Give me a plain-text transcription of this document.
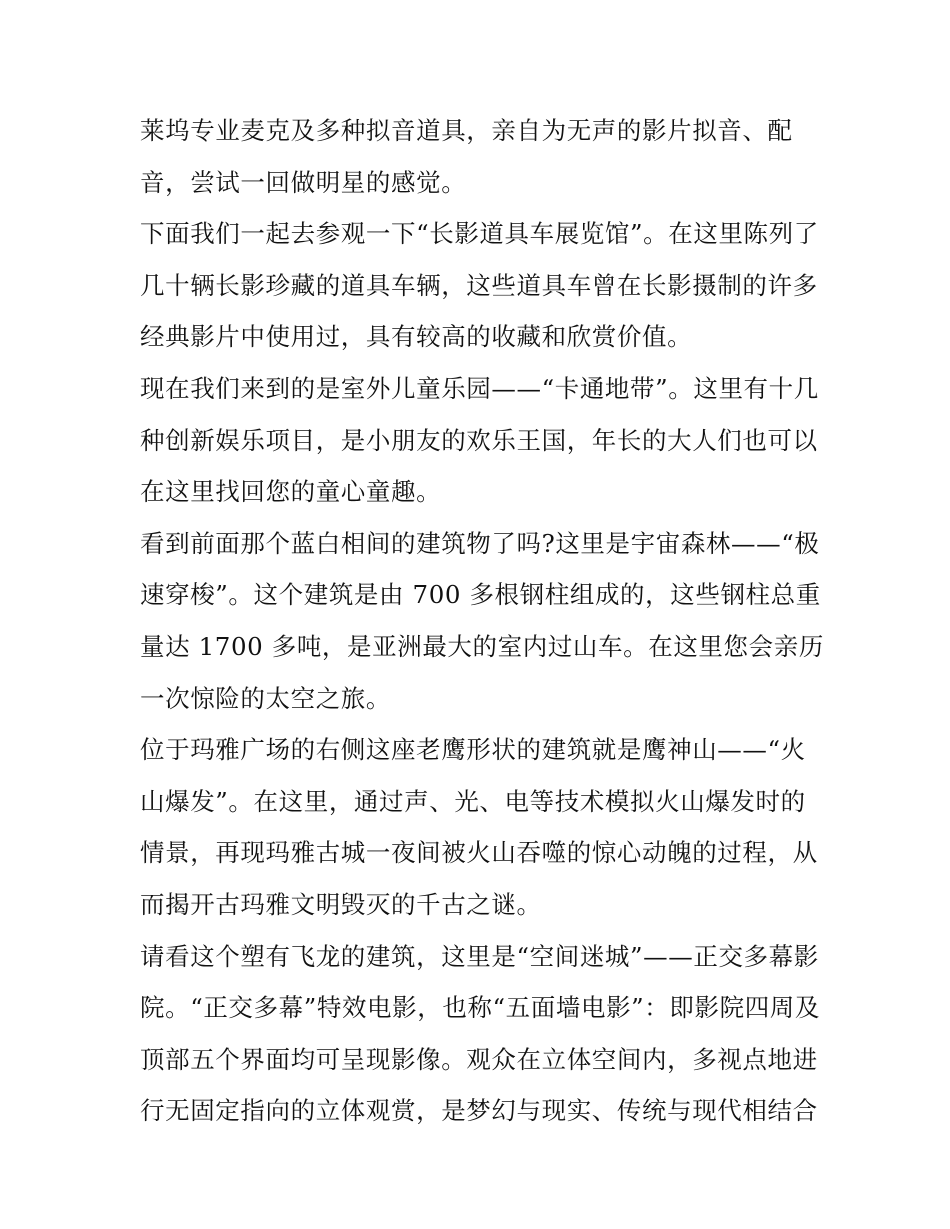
莱坞专业麦克及多种拟音道具，亲自为无声的影片拟音、配

音，尝试一回做明星的感觉。

下面我们一起去参观一下“长影道具车展览馆”。在这里陈列了

几十辆长影珍藏的道具车辆，这些道具车曾在长影摄制的许多

经典影片中使用过，具有较高的收藏和欣赏价值。

现在我们来到的是室外儿童乐园——“卡通地带”。这里有十几

种创新娱乐项目，是小朋友的欢乐王国，年长的大人们也可以

在这里找回您的童心童趣。

看到前面那个蓝白相间的建筑物了吗?这里是宇宙森林——“极

速穿梭”。这个建筑是由 700 多根钢柱组成的，这些钢柱总重

量达 1700 多吨，是亚洲最大的室内过山车。在这里您会亲历

一次惊险的太空之旅。

位于玛雅广场的右侧这座老鹰形状的建筑就是鹰神山——“火

山爆发”。在这里，通过声、光、电等技术模拟火山爆发时的

情景，再现玛雅古城一夜间被火山吞噬的惊心动魄的过程，从

而揭开古玛雅文明毁灭的千古之谜。

请看这个塑有飞龙的建筑，这里是“空间迷城”——正交多幕影

院。“正交多幕”特效电影，也称“五面墙电影”：即影院四周及

顶部五个界面均可呈现影像。观众在立体空间内，多视点地进

行无固定指向的立体观赏，是梦幻与现实、传统与现代相结合
